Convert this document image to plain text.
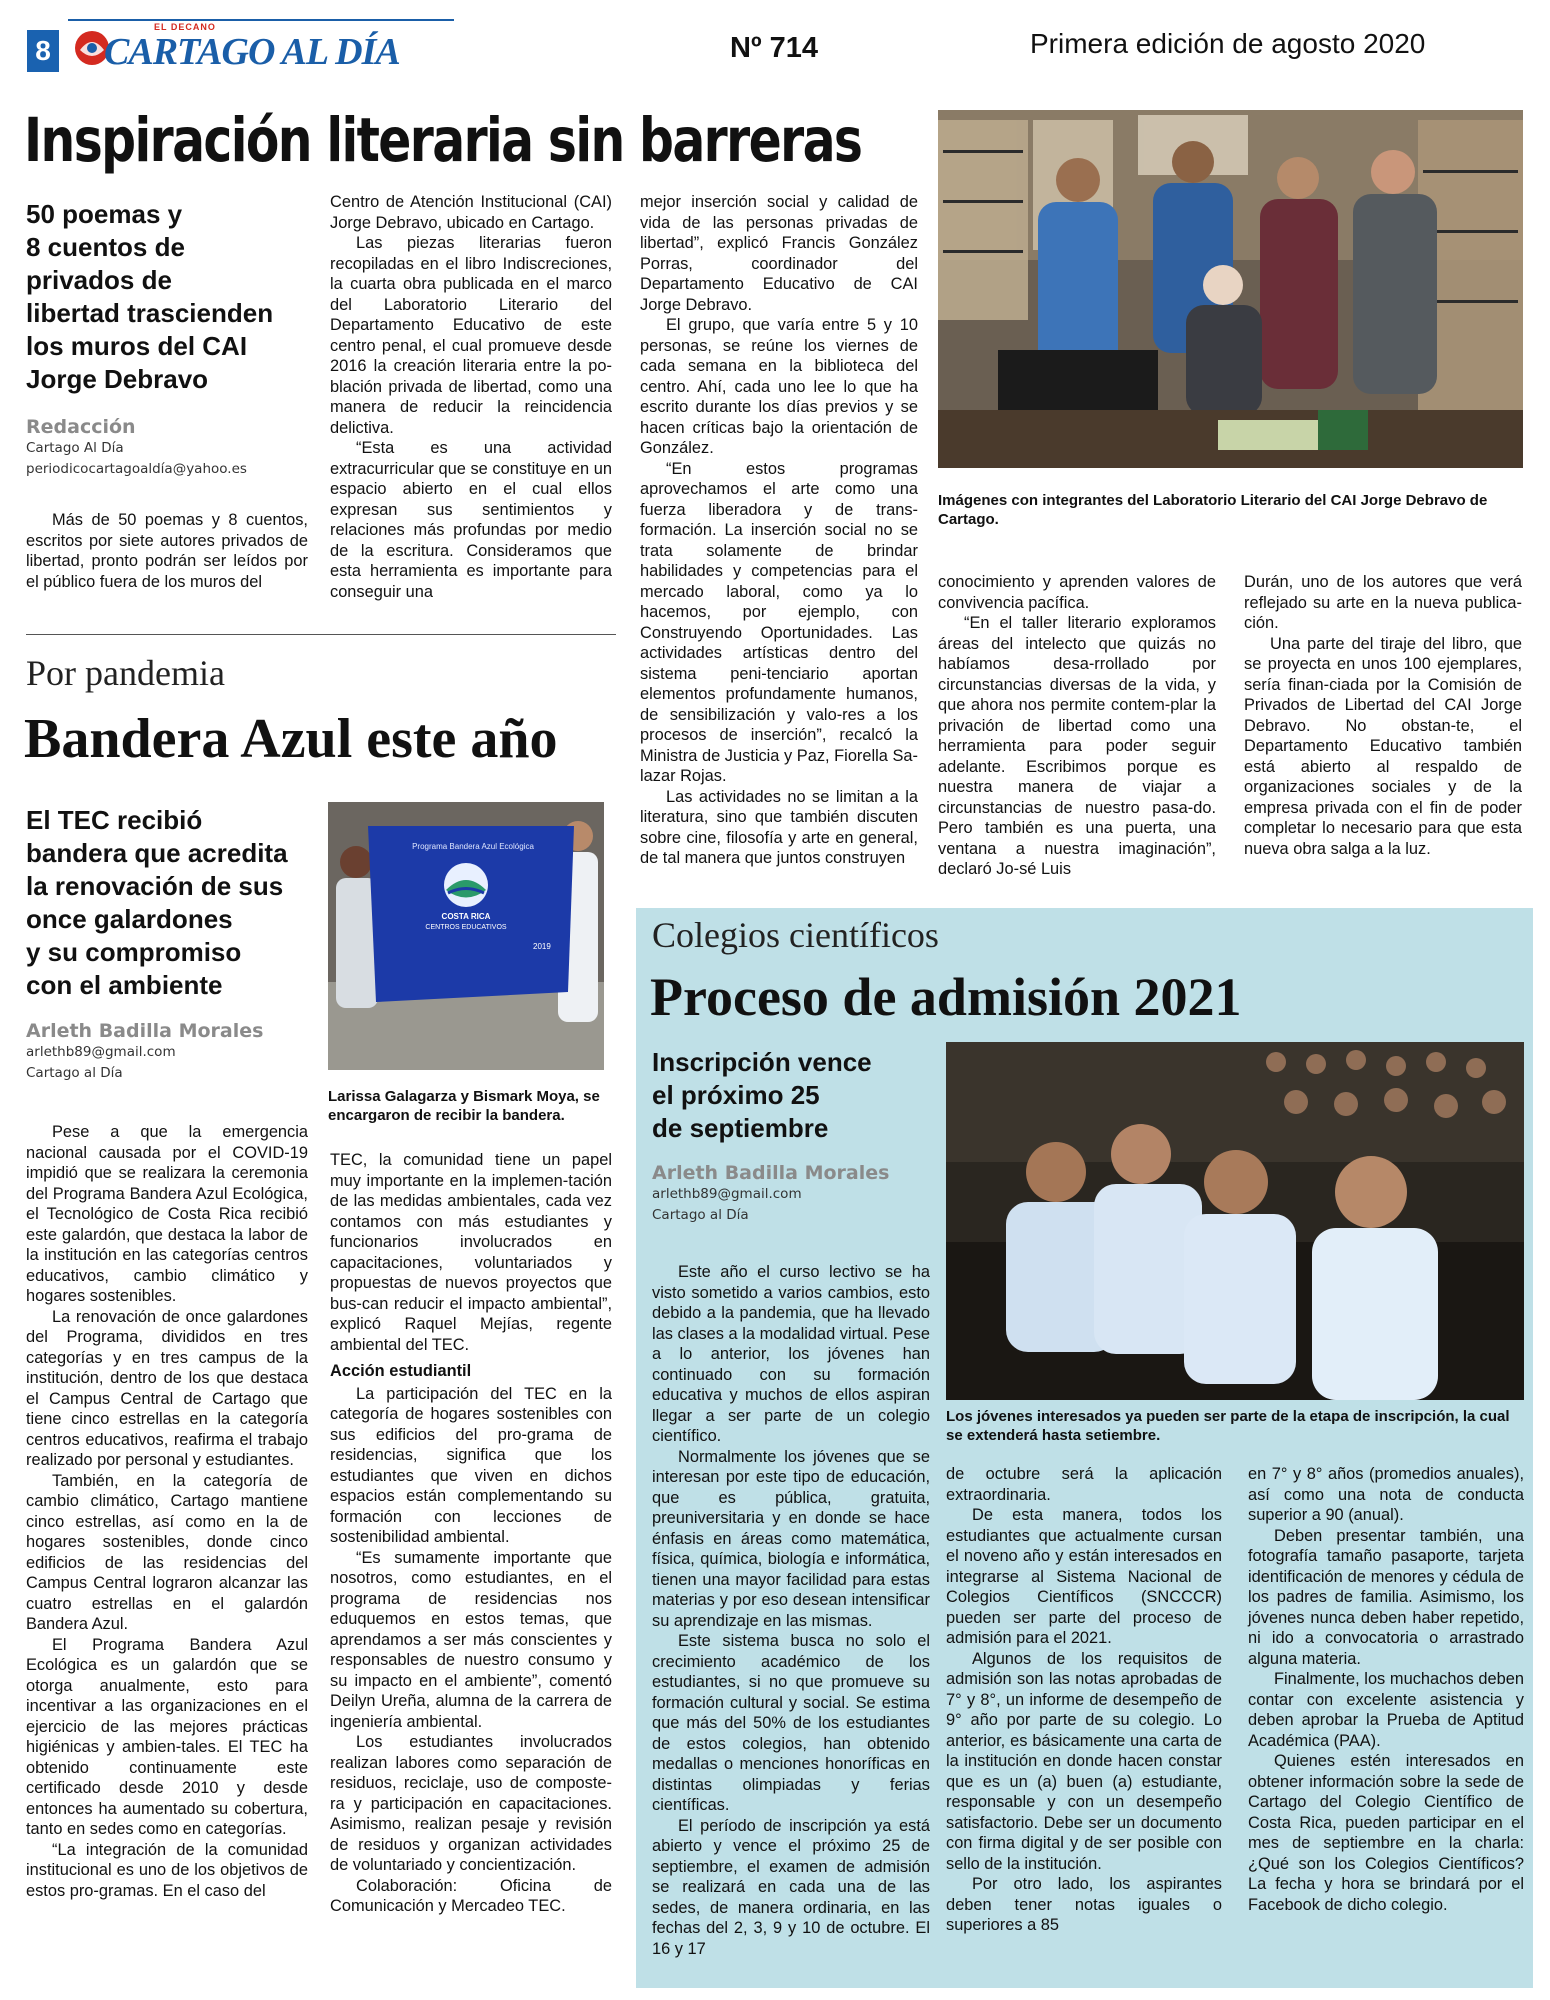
8
EL DECANO
CARTAGO AL DÍA	Nº 714	Primera edición de agosto 2020
Inspiración literaria sin barreras
50 poemas y
8 cuentos de
privados de
libertad trascienden
los muros del CAI
Jorge Debravo
Redacción
Cartago Al Día
periodicocartagoaldía@yahoo.es

Más de 50 poemas y 8 cuentos, escritos por siete autores privados de libertad, pronto podrán ser leídos por el público fuera de los muros del

Centro de Atención Institucional (CAI) Jorge Debravo, ubicado en Cartago.

Las piezas literarias fueron recopiladas en el libro Indiscreciones, la cuarta obra publicada en el marco del Laboratorio Literario del Departamento Educativo de este centro penal, el cual promueve desde 2016 la creación literaria entre la po-blación privada de libertad, como una manera de reducir la reincidencia delictiva.

“Esta es una actividad extracurricular que se constituye en un espacio abierto en el cual ellos expresan sus sentimientos y relaciones más profundas por medio de la escritura. Consideramos que esta herramienta es importante para conseguir una

mejor inserción social y calidad de vida de las personas privadas de libertad”, explicó Francis González Porras, coordinador del Departamento Educativo de CAI Jorge Debravo.

El grupo, que varía entre 5 y 10 personas, se reúne los viernes de cada semana en la biblioteca del centro. Ahí, cada uno lee lo que ha escrito durante los días previos y se hacen críticas bajo la orientación de González.

“En estos programas aprovechamos el arte como una fuerza liberadora y de trans-formación. La inserción social no se trata solamente de brindar habilidades y competencias para el mercado laboral, como ya lo hacemos, por ejemplo, con Construyendo Oportunidades. Las actividades artísticas dentro del sistema peni-tenciario aportan elementos profundamente humanos, de sensibilización y valo-res a los procesos de inserción”, recalcó la Ministra de Justicia y Paz, Fiorella Sa-lazar Rojas.

Las actividades no se limitan a la literatura, sino que también discuten sobre cine, filosofía y arte en general, de tal manera que juntos construyen

Imágenes con integrantes del Laboratorio Literario del CAI Jorge Debravo de Cartago.

conocimiento y aprenden valores de convivencia pacífica.

“En el taller literario exploramos áreas del intelecto que quizás no habíamos desa-rrollado por circunstancias diversas de la vida, y que ahora nos permite contem-plar la privación de libertad como una herramienta para poder seguir adelante. Escribimos porque es nuestra manera de viajar a circunstancias de nuestro pasa-do. Pero también es una puerta, una ventana a nuestra imaginación”, declaró Jo-sé Luis

Durán, uno de los autores que verá reflejado su arte en la nueva publica-ción.

Una parte del tiraje del libro, que se proyecta en unos 100 ejemplares, sería finan-ciada por la Comisión de Privados de Libertad del CAI Jorge Debravo. No obstan-te, el Departamento Educativo también está abierto al respaldo de organizaciones sociales y de la empresa privada con el fin de poder completar lo necesario para que esta nueva obra salga a la luz.

Por pandemia
Bandera Azul este año
El TEC recibió
bandera que acredita
la renovación de sus
once galardones
y su compromiso
con el ambiente
Arleth Badilla Morales
arlethb89@gmail.com
Cartago al Día
Programa Bandera Azul Ecológica
COSTA RICA
CENTROS EDUCATIVOS
2019
Larissa Galagarza y Bismark Moya, se encargaron de recibir la bandera.

Pese a que la emergencia nacional causada por el COVID-19 impidió que se realizara la ceremonia del Programa Bandera Azul Ecológica, el Tecnológico de Costa Rica recibió este galardón, que destaca la labor de la institución en las categorías centros educativos, cambio climático y hogares sostenibles.

La renovación de once galardones del Programa, divididos en tres categorías y en tres campus de la institución, dentro de los que destaca el Campus Central de Cartago que tiene cinco estrellas en la categoría centros educativos, reafirma el trabajo realizado por personal y estudiantes.

También, en la categoría de cambio climático, Cartago mantiene cinco estrellas, así como en la de hogares sostenibles, donde cinco edificios de las residencias del Campus Central lograron alcanzar las cuatro estrellas en el galardón Bandera Azul.

El Programa Bandera Azul Ecológica es un galardón que se otorga anualmente, esto para incentivar a las organizaciones en el ejercicio de las mejores prácticas higiénicas y ambien-tales. El TEC ha obtenido continuamente este certificado desde 2010 y desde entonces ha aumentado su cobertura, tanto en sedes como en categorías.

“La integración de la comunidad institucional es uno de los objetivos de estos pro-gramas. En el caso del

TEC, la comunidad tiene un papel muy importante en la implemen-tación de las medidas ambientales, cada vez contamos con más estudiantes y funcionarios involucrados en capacitaciones, voluntariados y propuestas de nuevos proyectos que bus-can reducir el impacto ambiental”, explicó Raquel Mejías, regente ambiental del TEC.

Acción estudiantil

La participación del TEC en la categoría de hogares sostenibles con sus edificios del pro-grama de residencias, significa que los estudiantes que viven en dichos espacios están complementando su formación con lecciones de sostenibilidad ambiental.

“Es sumamente importante que nosotros, como estudiantes, en el programa de residencias nos eduquemos en estos temas, que aprendamos a ser más conscientes y responsables de nuestro consumo y su impacto en el ambiente”, comentó Deilyn Ureña, alumna de la carrera de ingeniería ambiental.

Los estudiantes involucrados realizan labores como separación de residuos, reciclaje, uso de composte-ra y participación en capacitaciones. Asimismo, realizan pesaje y revisión de residuos y organizan actividades de voluntariado y concientización.

Colaboración: Oficina de Comunicación y Mercadeo TEC.

Colegios científicos
Proceso de admisión 2021
Inscripción vence
el próximo 25
de septiembre
Arleth Badilla Morales
arlethb89@gmail.com
Cartago al Día
Los jóvenes interesados ya pueden ser parte de la etapa de inscripción, la cual se extenderá hasta setiembre.

Este año el curso lectivo se ha visto sometido a varios cambios, esto debido a la pandemia, que ha llevado las clases a la modalidad virtual. Pese a lo anterior, los jóvenes han continuado con su formación educativa y muchos de ellos aspiran llegar a ser parte de un colegio científico.

Normalmente los jóvenes que se interesan por este tipo de educación, que es pública, gratuita, preuniversitaria y en donde se hace énfasis en áreas como matemática, física, química, biología e informática, tienen una mayor facilidad para estas materias y por eso desean intensificar su aprendizaje en las mismas.

Este sistema busca no solo el crecimiento académico de los estudiantes, si no que promueve su formación cultural y social. Se estima que más del 50% de los estudiantes de estos colegios, han obtenido medallas o menciones honoríficas en distintas olimpiadas y ferias científicas.

El período de inscripción ya está abierto y vence el próximo 25 de septiembre, el examen de admisión se realizará en cada una de las sedes, de manera ordinaria, en las fechas del 2, 3, 9 y 10 de octubre. El 16 y 17

de octubre será la aplicación extraordinaria.

De esta manera, todos los estudiantes que actualmente cursan el noveno año y están interesados en integrarse al Sistema Nacional de Colegios Científicos (SNCCCR) pueden ser parte del proceso de admisión para el 2021.

Algunos de los requisitos de admisión son las notas aprobadas de 7° y 8°, un informe de desempeño de 9° año por parte de su colegio. Lo anterior, es básicamente una carta de la institución en donde hacen constar que es un (a) buen (a) estudiante, responsable y con un desempeño satisfactorio. Debe ser un documento con firma digital y de ser posible con sello de la institución.

Por otro lado, los aspirantes deben tener notas iguales o superiores a 85

en 7° y 8° años (promedios anuales), así como una nota de conducta superior a 90 (anual).

Deben presentar también, una fotografía tamaño pasaporte, tarjeta identificación de menores y cédula de los padres de familia. Asimismo, los jóvenes nunca deben haber repetido, ni ido a convocatoria o arrastrado alguna materia.

Finalmente, los muchachos deben contar con excelente asistencia y deben aprobar la Prueba de Aptitud Académica (PAA).

Quienes estén interesados en obtener información sobre la sede de Cartago del Colegio Científico de Costa Rica, pueden participar en el mes de septiembre en la charla: ¿Qué son los Colegios Científicos? La fecha y hora se brindará por el Facebook de dicho colegio.
